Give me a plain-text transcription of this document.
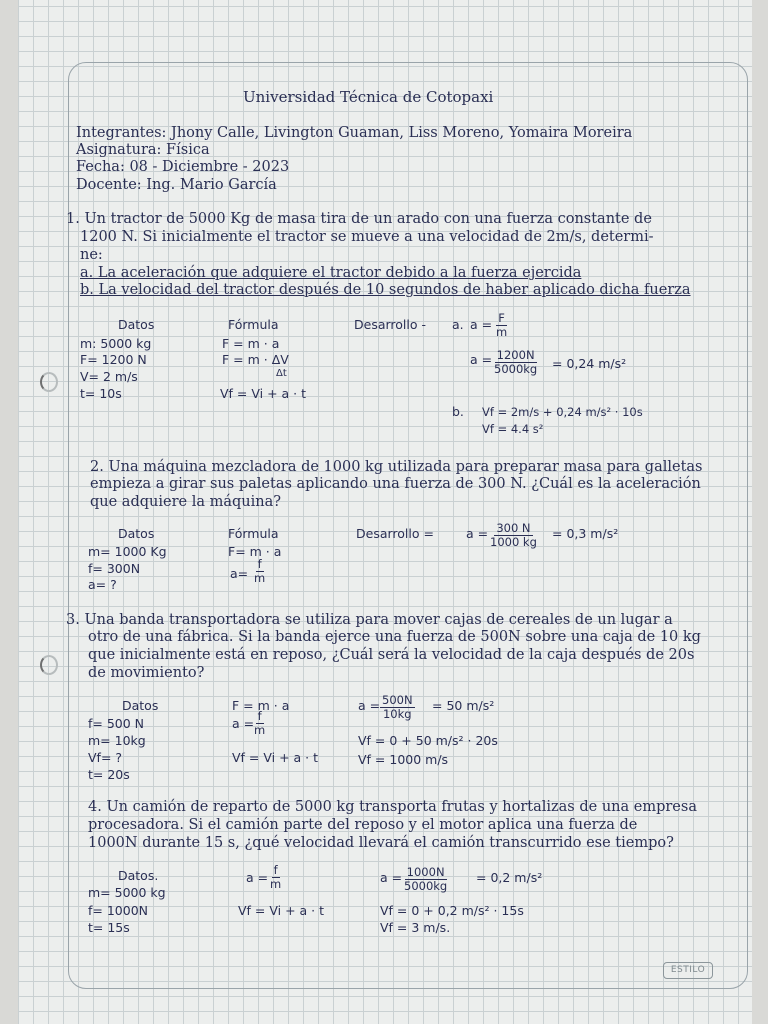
Universidad Técnica de Cotopaxi
Integrantes: Jhony Calle, Livington Guaman, Liss Moreno, Yomaira Moreira
Asignatura: Física
Fecha: 08 - Diciembre - 2023
Docente: Ing. Mario García
1. Un tractor de 5000 Kg de masa tira de un arado con una fuerza constante de
1200 N. Si inicialmente el tractor se mueve a una velocidad de 2m/s, determi-
ne:
a. La aceleración que adquiere el tractor debido a la fuerza ejercida
b. La velocidad del tractor después de 10 segundos de haber aplicado dicha fuerza
Datos
m: 5000 kg
F= 1200 N
V= 2 m/s
t= 10s
Fórmula
F = m · a
F = m · ΔV
Δt
Vf = Vi + a · t
Desarrollo - a. $a = \frac{F}{m}$
$a = \frac{1200N}{5000kg} = 0,24$ m/s²
b. Vf = 2m/s + 0,24 m/s² · 10s
Vf = 4.4 s²
2. Una máquina mezcladora de 1000 kg utilizada para preparar masa para galletas
empieza a girar sus paletas aplicando una fuerza de 300 N. ¿Cuál es la aceleración
que adquiere la máquina?
Datos
m= 1000 Kg
f= 300N
a= ?
Fórmula
F= m · a
$a= \frac{f}{m}$
Desarrollo =	$a = \frac{300 N}{1000 kg} = 0,3$ m/s²
3. Una banda transportadora se utiliza para mover cajas de cereales de un lugar a
otro de una fábrica. Si la banda ejerce una fuerza de 500N sobre una caja de 10 kg
que inicialmente está en reposo, ¿Cuál será la velocidad de la caja después de 20s
de movimiento?
Datos
f= 500 N
m= 10kg
Vf= ?
t= 20s
F = m · a
$a = \frac{f}{m}$
Vf = Vi + a · t
$a = \frac{500N}{10kg} = 50$ m/s²
Vf = 0 + 50 m/s² · 20s
Vf = 1000 m/s
4. Un camión de reparto de 5000 kg transporta frutas y hortalizas de una empresa
procesadora. Si el camión parte del reposo y el motor aplica una fuerza de
1000N durante 15 s, ¿qué velocidad llevará el camión transcurrido ese tiempo?
Datos.
m= 5000 kg
f= 1000N
t= 15s
$a = \frac{f}{m}$
Vf = Vi + a · t
$a = \frac{1000N}{5000kg} = 0,2$ m/s²
Vf = 0 + 0,2 m/s² · 15s
Vf = 3 m/s.
ESTILO
